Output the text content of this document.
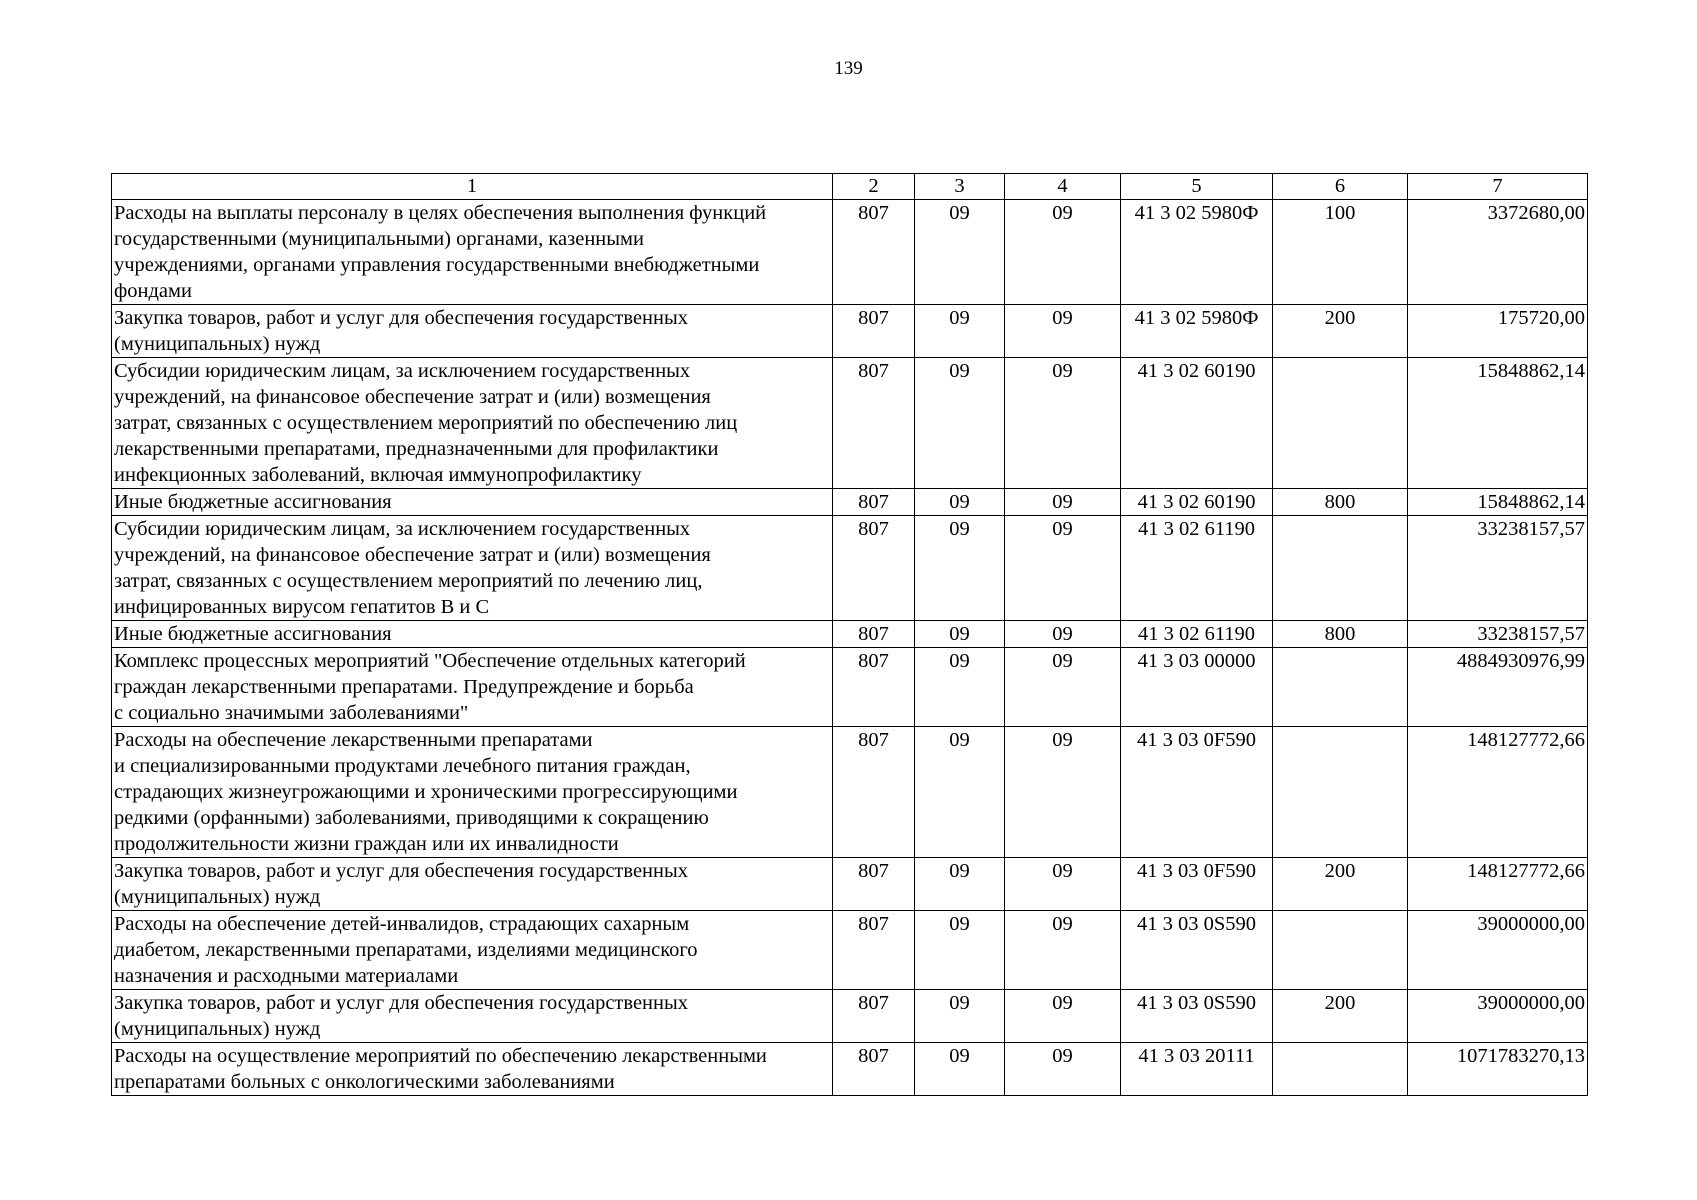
139
1	2	3	4	5	6	7

Расходы на выплаты персоналу в целях обеспечения выполнения функций
государственными (муниципальными) органами, казенными
учреждениями, органами управления государственными внебюджетными
фондами	807	09	09	41 3 02 5980Ф	100	3372680,00

Закупка товаров, работ и услуг для обеспечения государственных
(муниципальных) нужд	807	09	09	41 3 02 5980Ф	200	175720,00

Субсидии юридическим лицам, за исключением государственных
учреждений, на финансовое обеспечение затрат и (или) возмещения
затрат, связанных с осуществлением мероприятий по обеспечению лиц
лекарственными препаратами, предназначенными для профилактики
инфекционных заболеваний, включая иммунопрофилактику	807	09	09	41 3 02 60190		15848862,14

Иные бюджетные ассигнования	807	09	09	41 3 02 60190	800	15848862,14

Субсидии юридическим лицам, за исключением государственных
учреждений, на финансовое обеспечение затрат и (или) возмещения
затрат, связанных с осуществлением мероприятий по лечению лиц,
инфицированных вирусом гепатитов B и C	807	09	09	41 3 02 61190		33238157,57

Иные бюджетные ассигнования	807	09	09	41 3 02 61190	800	33238157,57

Комплекс процессных мероприятий "Обеспечение отдельных категорий
граждан лекарственными препаратами. Предупреждение и борьба
с социально значимыми заболеваниями"	807	09	09	41 3 03 00000		4884930976,99

Расходы на обеспечение лекарственными препаратами
и специализированными продуктами лечебного питания граждан,
страдающих жизнеугрожающими и хроническими прогрессирующими
редкими (орфанными) заболеваниями, приводящими к сокращению
продолжительности жизни граждан или их инвалидности	807	09	09	41 3 03 0F590		148127772,66

Закупка товаров, работ и услуг для обеспечения государственных
(муниципальных) нужд	807	09	09	41 3 03 0F590	200	148127772,66

Расходы на обеспечение детей-инвалидов, страдающих сахарным
диабетом, лекарственными препаратами, изделиями медицинского
назначения и расходными материалами	807	09	09	41 3 03 0S590		39000000,00

Закупка товаров, работ и услуг для обеспечения государственных
(муниципальных) нужд	807	09	09	41 3 03 0S590	200	39000000,00

Расходы на осуществление мероприятий по обеспечению лекарственными
препаратами больных с онкологическими заболеваниями	807	09	09	41 3 03 20111		1071783270,13
